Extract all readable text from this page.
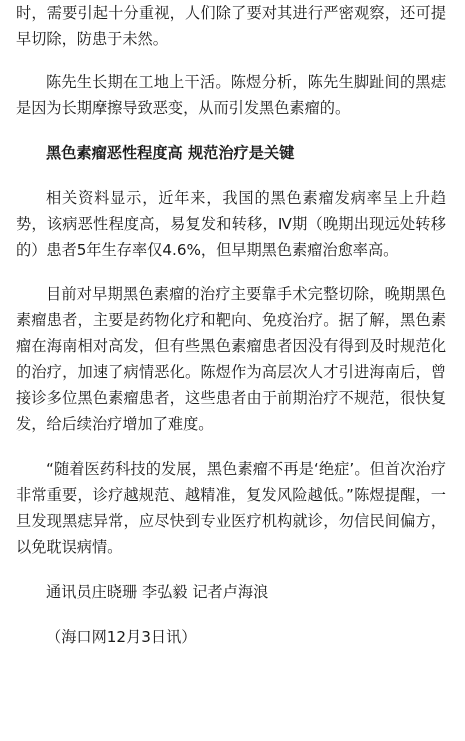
时，需要引起十分重视，人们除了要对其进行严密观察，还可提早切除，防患于未然。

陈先生长期在工地上干活。陈煜分析，陈先生脚趾间的黑痣是因为长期摩擦导致恶变，从而引发黑色素瘤的。

黑色素瘤恶性程度高 规范治疗是关键

相关资料显示，近年来，我国的黑色素瘤发病率呈上升趋势，该病恶性程度高，易复发和转移，Ⅳ期（晚期出现远处转移的）患者5年生存率仅4.6%，但早期黑色素瘤治愈率高。

目前对早期黑色素瘤的治疗主要靠手术完整切除，晚期黑色素瘤患者，主要是药物化疗和靶向、免疫治疗。据了解，黑色素瘤在海南相对高发，但有些黑色素瘤患者因没有得到及时规范化的治疗，加速了病情恶化。陈煜作为高层次人才引进海南后，曾接诊多位黑色素瘤患者，这些患者由于前期治疗不规范，很快复发，给后续治疗增加了难度。

“随着医药科技的发展，黑色素瘤不再是‘绝症’。但首次治疗非常重要，诊疗越规范、越精准，复发风险越低。”陈煜提醒，一旦发现黑痣异常，应尽快到专业医疗机构就诊，勿信民间偏方，以免耽误病情。

通讯员庄晓珊 李弘毅 记者卢海浪

（海口网12月3日讯）
